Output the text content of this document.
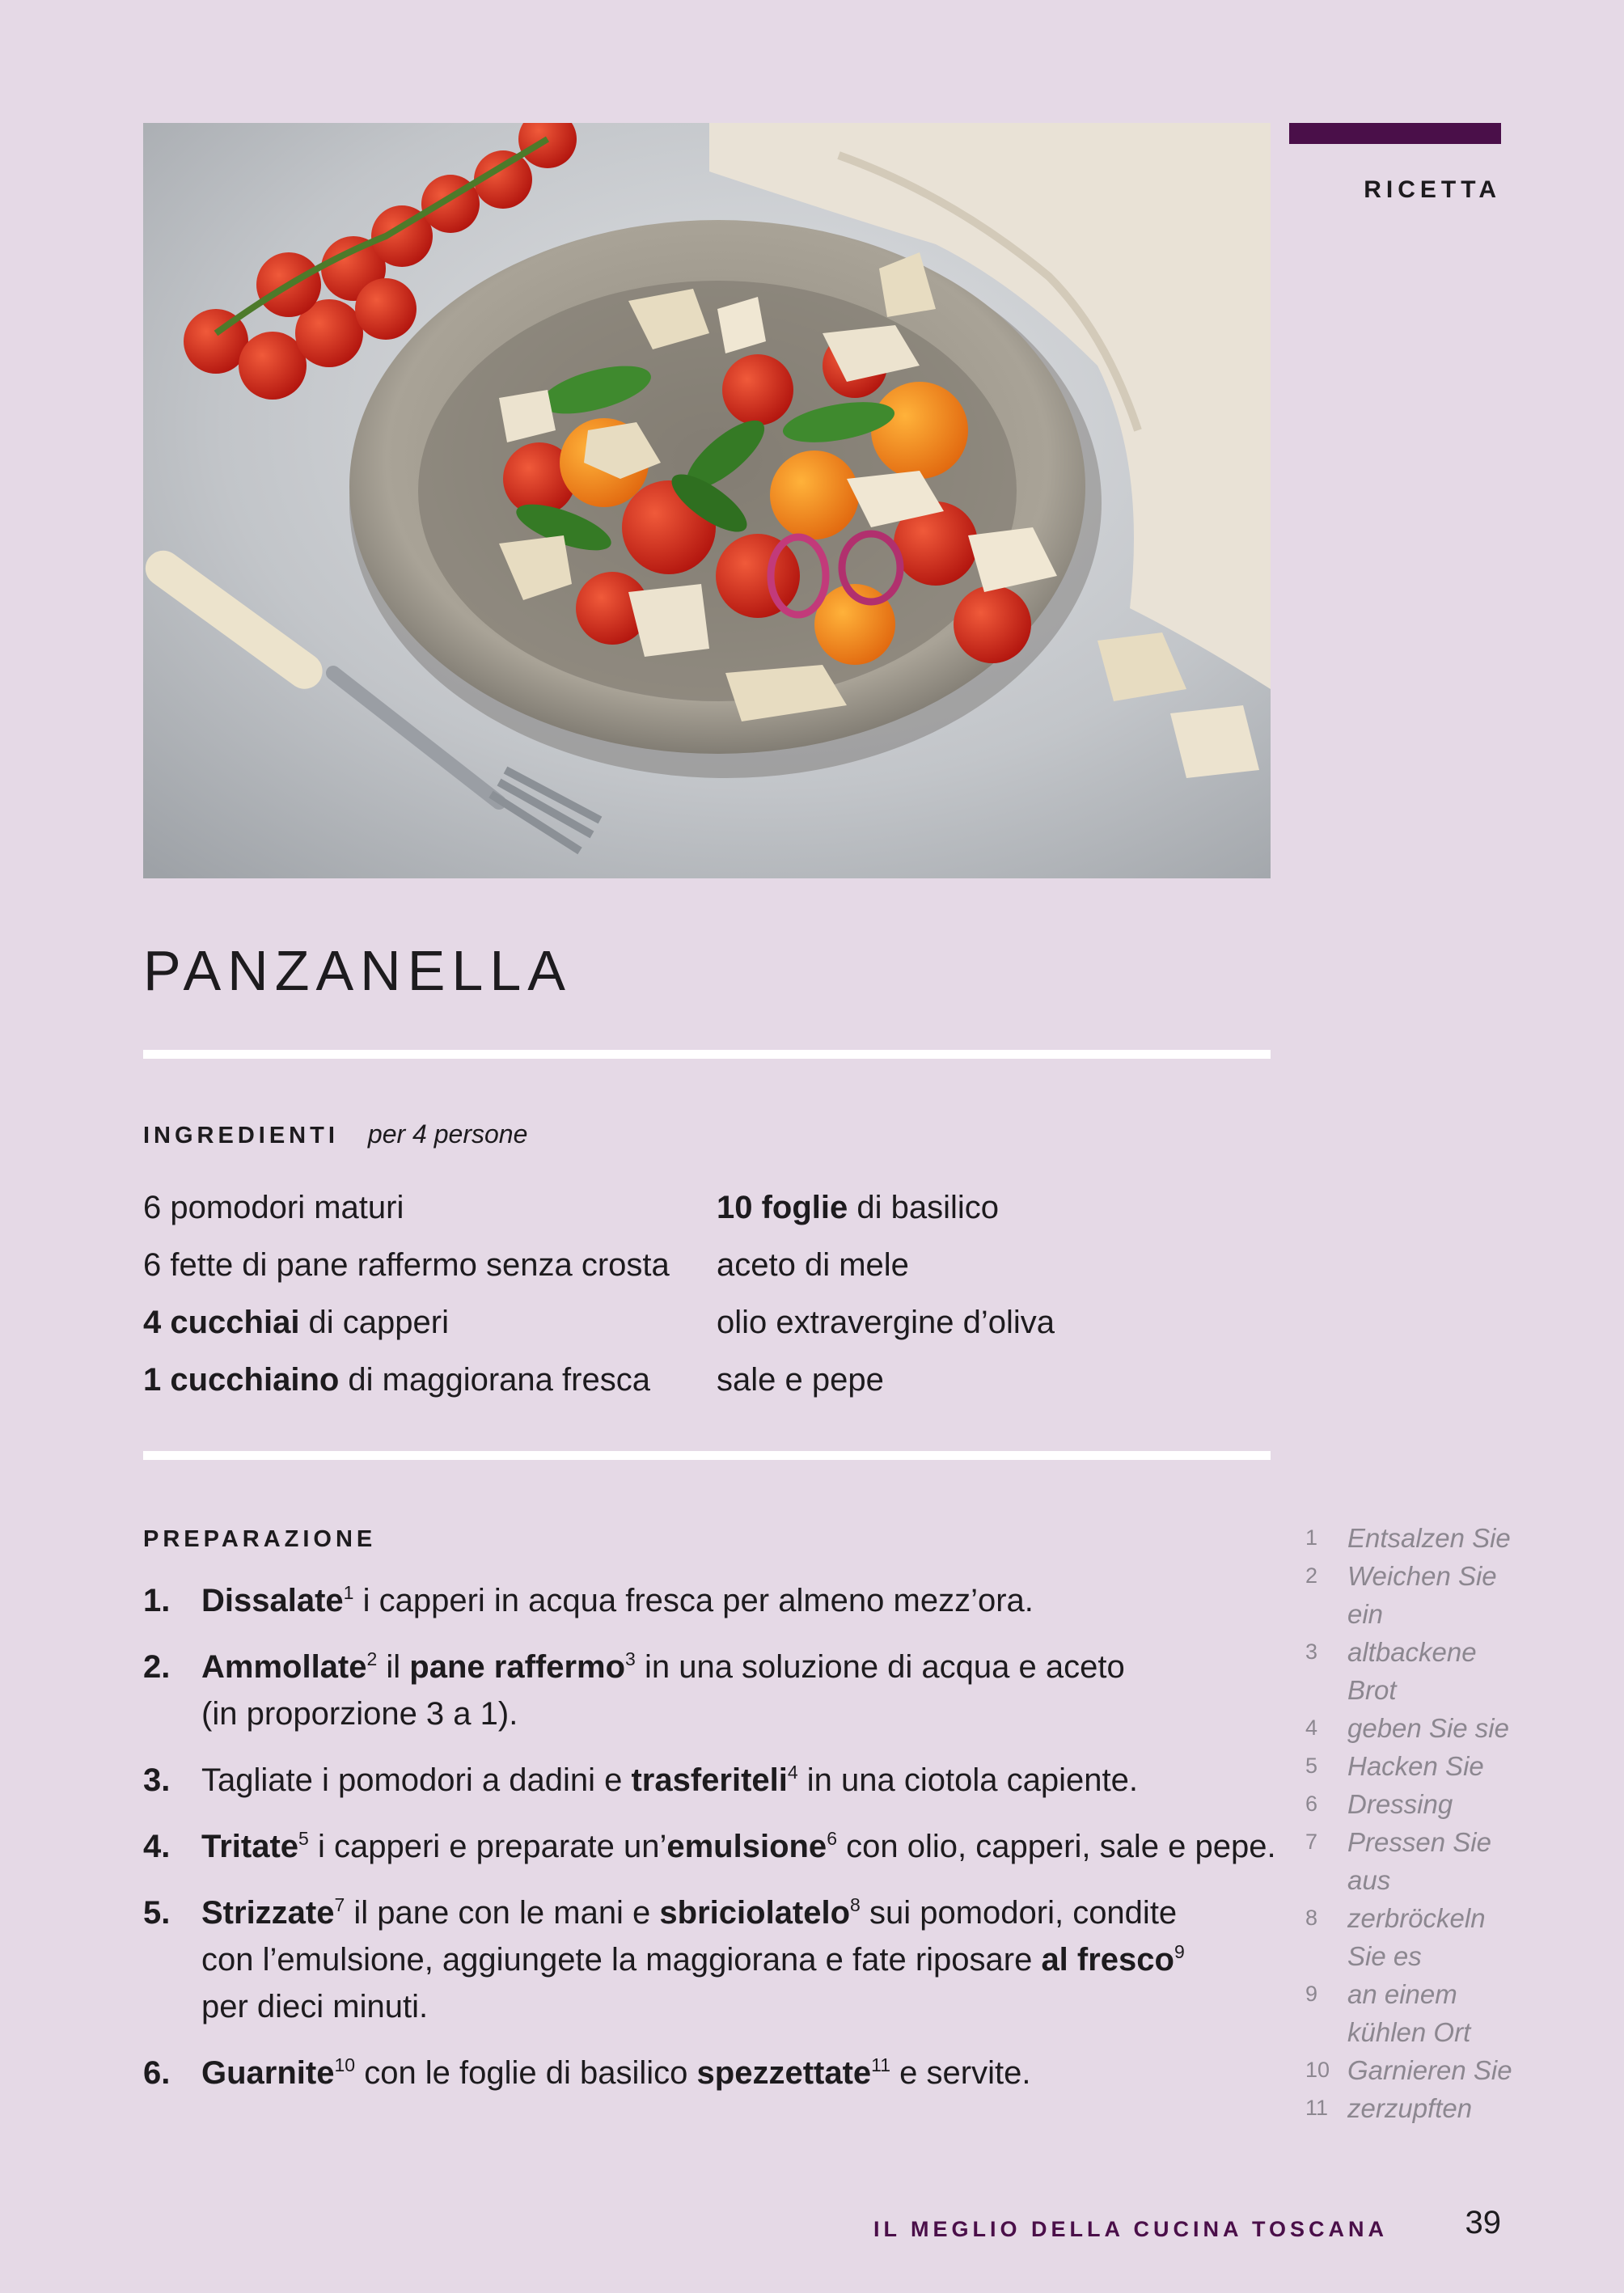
RICETTA
PANZANELLA
INGREDIENTI per 4 persone
6 pomodori maturi
6 fette di pane raffermo senza crosta
4 cucchiai di capperi
1 cucchiaino di maggiorana fresca
10 foglie di basilico
aceto di mele
olio extravergine d’oliva
sale e pepe
PREPARAZIONE
1. Dissalate$^1$ i capperi in acqua fresca per almeno mezz’ora.
2. Ammollate$^2$ il pane raffermo$^3$ in una soluzione di acqua e aceto
(in proporzione 3 a 1).
3. Tagliate i pomodori a dadini e trasferiteli$^4$ in una ciotola capiente.
4. Tritate$^5$ i capperi e preparate un’emulsione$^6$ con olio, capperi, sale e pepe.
5. Strizzate$^7$ il pane con le mani e sbriciolatelo$^8$ sui pomodori, condite
con l’emulsione, aggiungete la maggiorana e fate riposare al fresco$^9$
per dieci minuti.
6. Guarnite$^{10}$ con le foglie di basilico spezzettate$^{11}$ e servite.
1	Entsalzen Sie
2	Weichen Sie ein
3	altbackene Brot
4	geben Sie sie
5	Hacken Sie
6	Dressing
7	Pressen Sie aus
8	zerbröckeln Sie es
9	an einem kühlen Ort
10 Garnieren Sie
11 zerzupften
IL MEGLIO DELLA CUCINA TOSCANA 39
